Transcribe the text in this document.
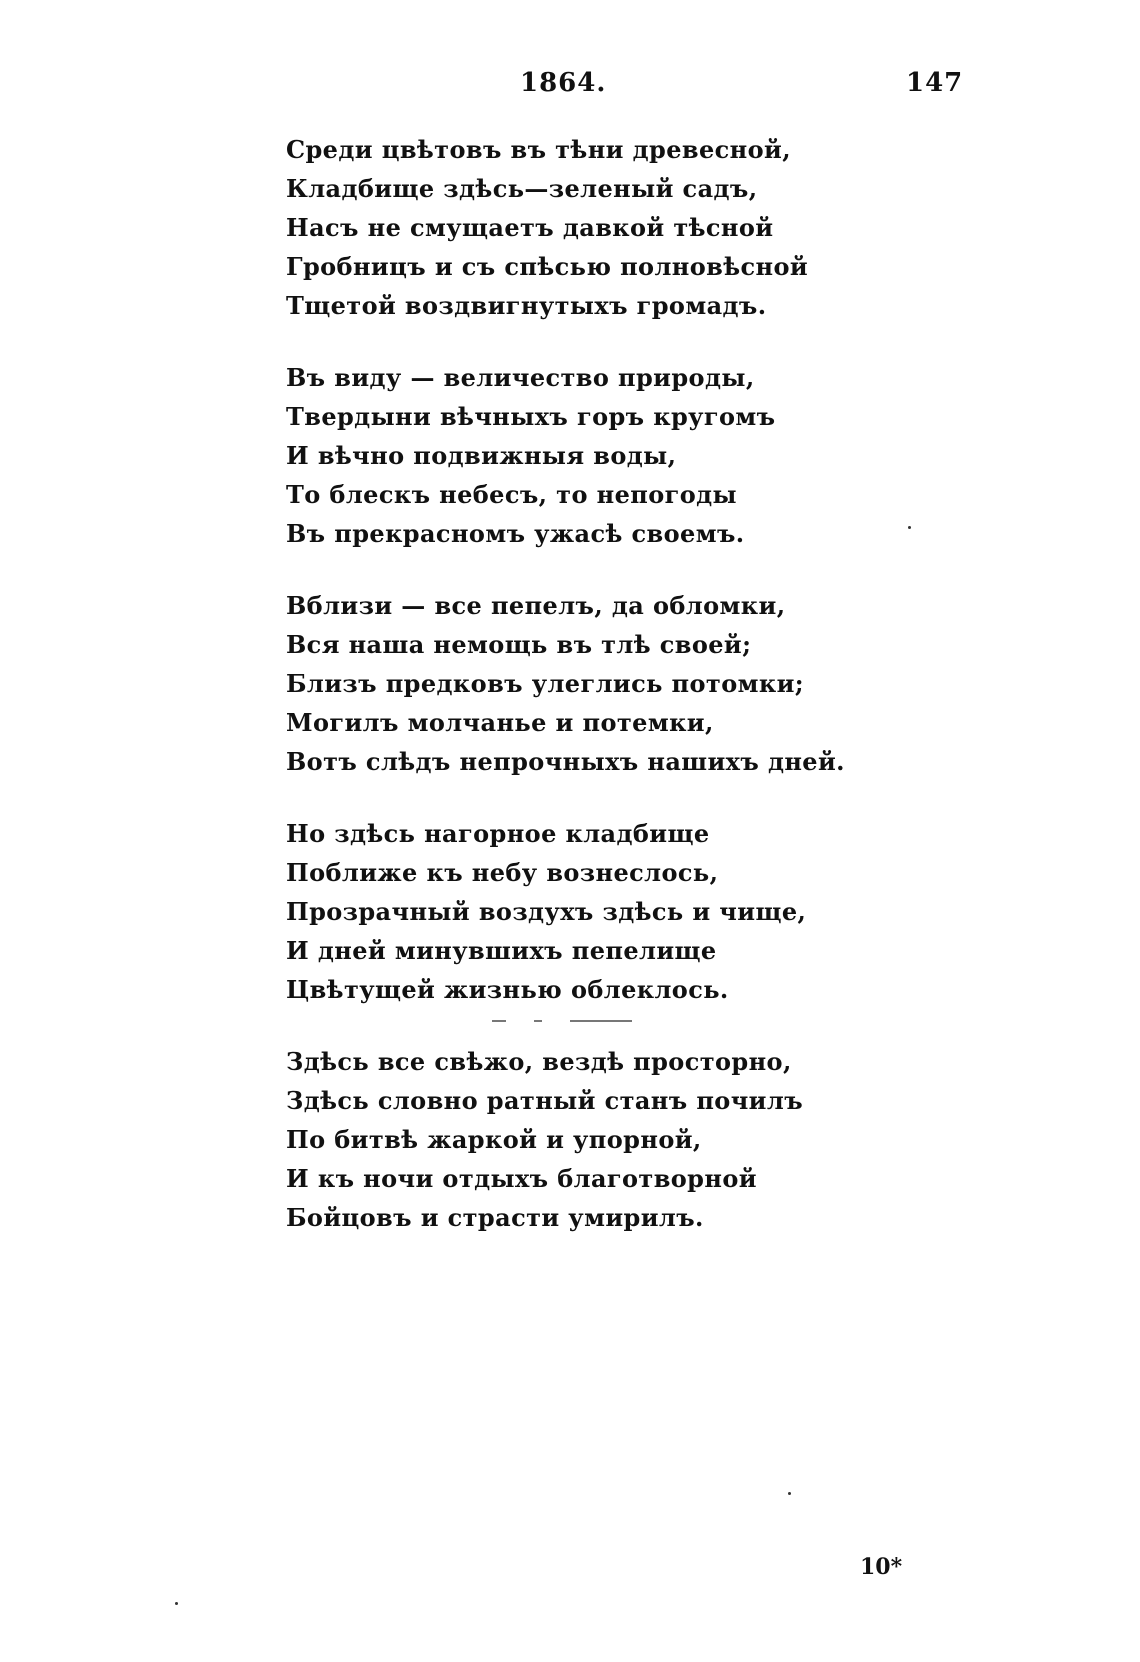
1864.	147
Среди цвѣтовъ въ тѣни древесной,
Кладбище здѣсь—зеленый садъ,
Насъ не смущаетъ давкой тѣсной
Гробницъ и съ спѣсью полновѣсной
Тщетой воздвигнутыхъ громадъ.
Въ виду — величество природы,
Твердыни вѣчныхъ горъ кругомъ
И вѣчно подвижныя воды,
То блескъ небесъ, то непогоды
Въ прекрасномъ ужасѣ своемъ.
Вблизи — все пепелъ, да обломки,
Вся наша немощь въ тлѣ своей;
Близъ предковъ улеглись потомки;
Могилъ молчанье и потемки,
Вотъ слѣдъ непрочныхъ нашихъ дней.
Но здѣсь нагорное кладбище
Поближе къ небу вознеслось,
Прозрачный воздухъ здѣсь и чище,
И дней минувшихъ пепелище
Цвѣтущей жизнью облеклось.
Здѣсь все свѣжо, вездѣ просторно,
Здѣсь словно ратный станъ почилъ
По битвѣ жаркой и упорной,
И къ ночи отдыхъ благотворной
Бойцовъ и страсти умирилъ.
10*
